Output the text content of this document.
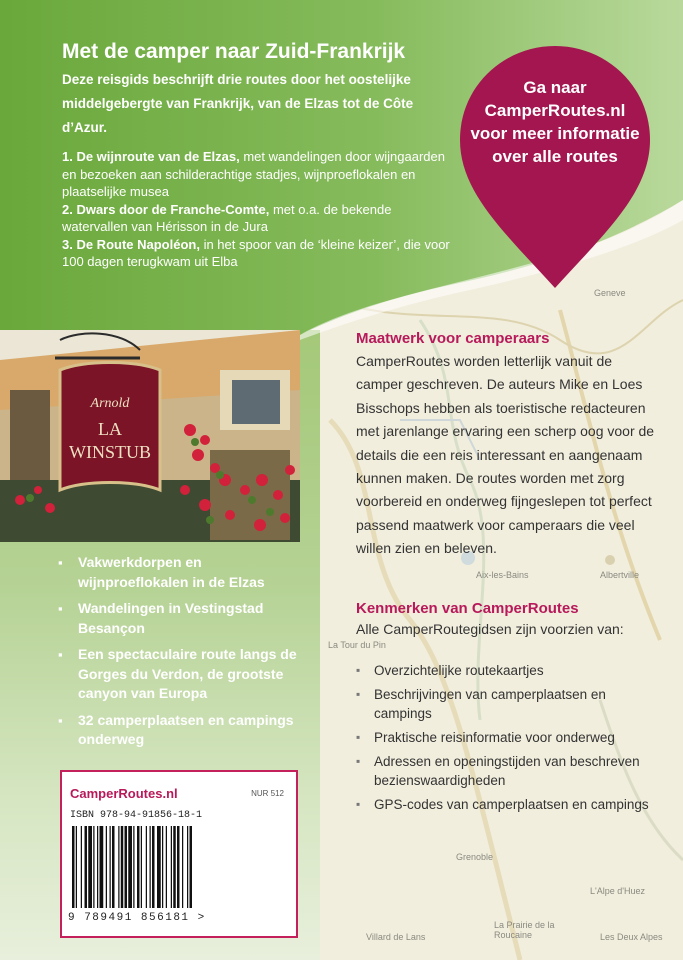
Geneve
Aix-les-Bains	Albertville
Grenoble
L'Alpe d'Huez
Villard de Lans	Les Deux Alpes
La Tour du Pin
La Prairie de la Roucaine
Met de camper naar Zuid-Frankrijk

Deze reisgids beschrijft drie routes door het oostelijke middelgebergte van Frankrijk, van de Elzas tot de Côte d’Azur.

1. De wijnroute van de Elzas, met wandelingen door wijngaarden en bezoeken aan schilderachtige stadjes, wijnproeflokalen en plaatselijke musea
2. Dwars door de Franche-Comte, met o.a. de bekende watervallen van Hérisson in de Jura
3. De Route Napoléon, in het spoor van de ‘kleine keizer’, die voor 100 dagen terugkwam uit Elba
Ga naar CamperRoutes.nl voor meer informatie over alle routes
Arnold
LA
WINSTUB
▪ Vakwerkdorpen en wijnproeflokalen in de Elzas
▪ Wandelingen in Vestingstad Besançon
▪ Een spectaculaire route langs de Gorges du Verdon, de grootste canyon van Europa
▪ 32 camperplaatsen en campings onderweg
CamperRoutes.nl	NUR 512
ISBN 978-94-91856-18-1
9 789491 856181 >
Maatwerk voor camperaars

CamperRoutes worden letterlijk vanuit de camper geschreven. De auteurs Mike en Loes Bisschops hebben als toeristische redacteuren met jarenlange ervaring een scherp oog voor de details die een reis interessant en aangenaam kunnen maken. De routes worden met zorg voorbereid en onderweg fijngeslepen tot perfect passend maatwerk voor camperaars die veel willen zien en beleven.

Kenmerken van CamperRoutes

Alle CamperRoutegidsen zijn voorzien van:

▪ Overzichtelijke routekaartjes
▪ Beschrijvingen van camperplaatsen en campings
▪ Praktische reisinformatie voor onderweg
▪ Adressen en openingstijden van beschreven bezienswaardigheden
▪ GPS-codes van camperplaatsen en campings
